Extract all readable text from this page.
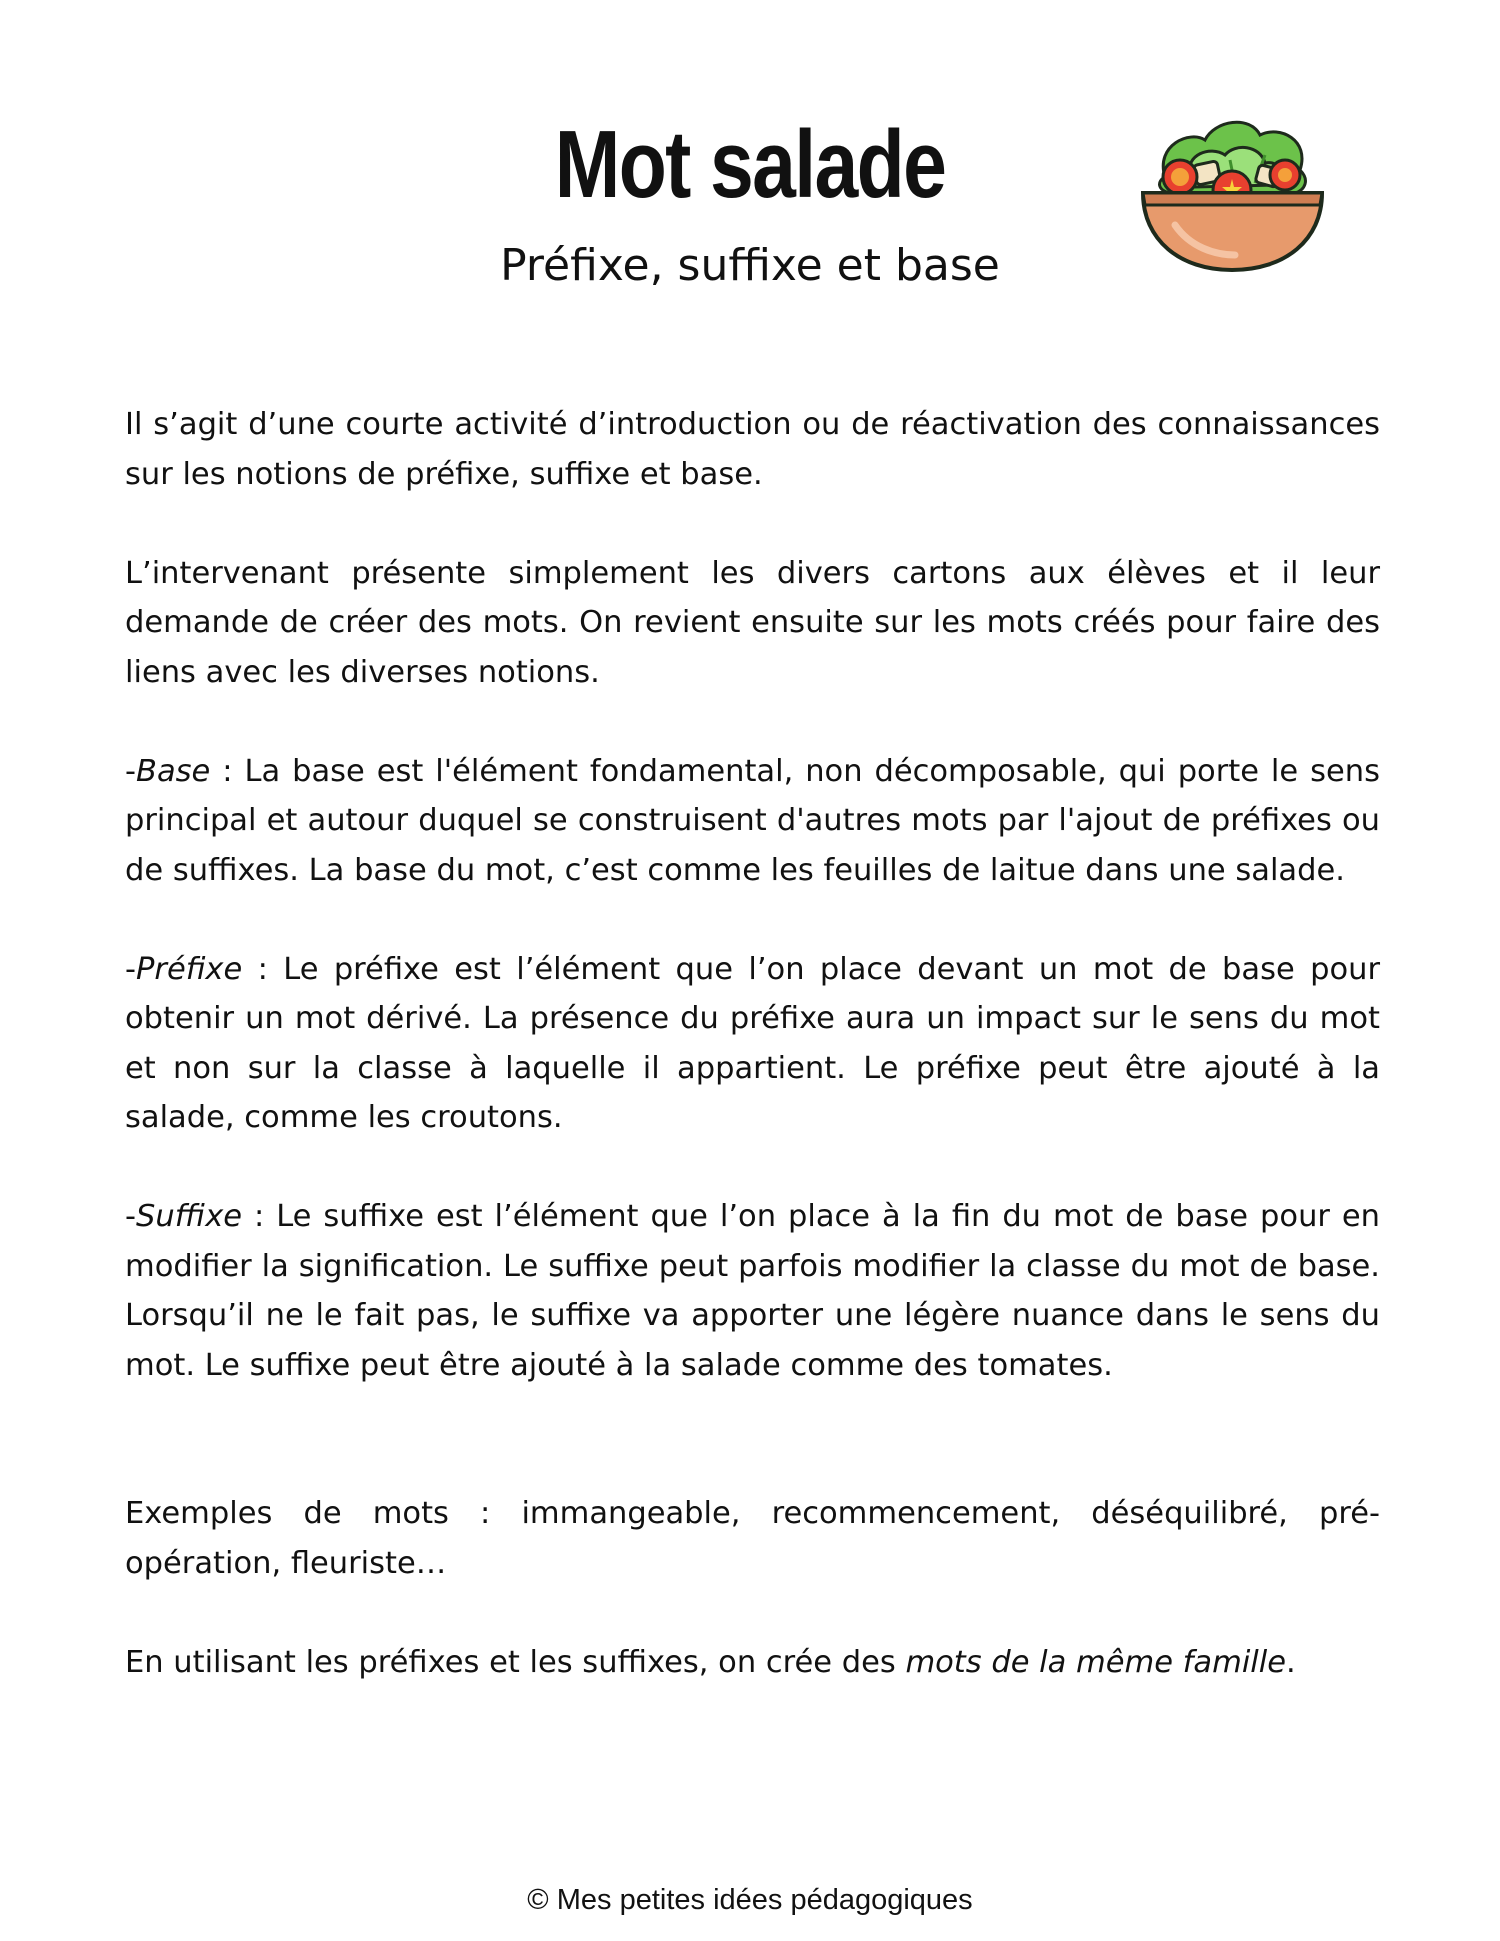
Mot salade
Préfixe, suffixe et base

Il s’agit d’une courte activité d’introduction ou de réactivation des connaissances sur les notions de préfixe, suffixe et base.

L’intervenant présente simplement les divers cartons aux élèves et il leur demande de créer des mots. On revient ensuite sur les mots créés pour faire des liens avec les diverses notions.

-Base : La base est l'élément fondamental, non décomposable, qui porte le sens principal et autour duquel se construisent d'autres mots par l'ajout de préfixes ou de suffixes. La base du mot, c’est comme les feuilles de laitue dans une salade.

-Préfixe : Le préfixe est l’élément que l’on place devant un mot de base pour obtenir un mot dérivé. La présence du préfixe aura un impact sur le sens du mot et non sur la classe à laquelle il appartient. Le préfixe peut être ajouté à la salade, comme les croutons.

-Suffixe : Le suffixe est l’élément que l’on place à la fin du mot de base pour en modifier la signification. Le suffixe peut parfois modifier la classe du mot de base. Lorsqu’il ne le fait pas, le suffixe va apporter une légère nuance dans le sens du mot. Le suffixe peut être ajouté à la salade comme des tomates.

Exemples de mots : immangeable, recommencement, déséquilibré, pré-opération, fleuriste…

En utilisant les préfixes et les suffixes, on crée des mots de la même famille.

© Mes petites idées pédagogiques
